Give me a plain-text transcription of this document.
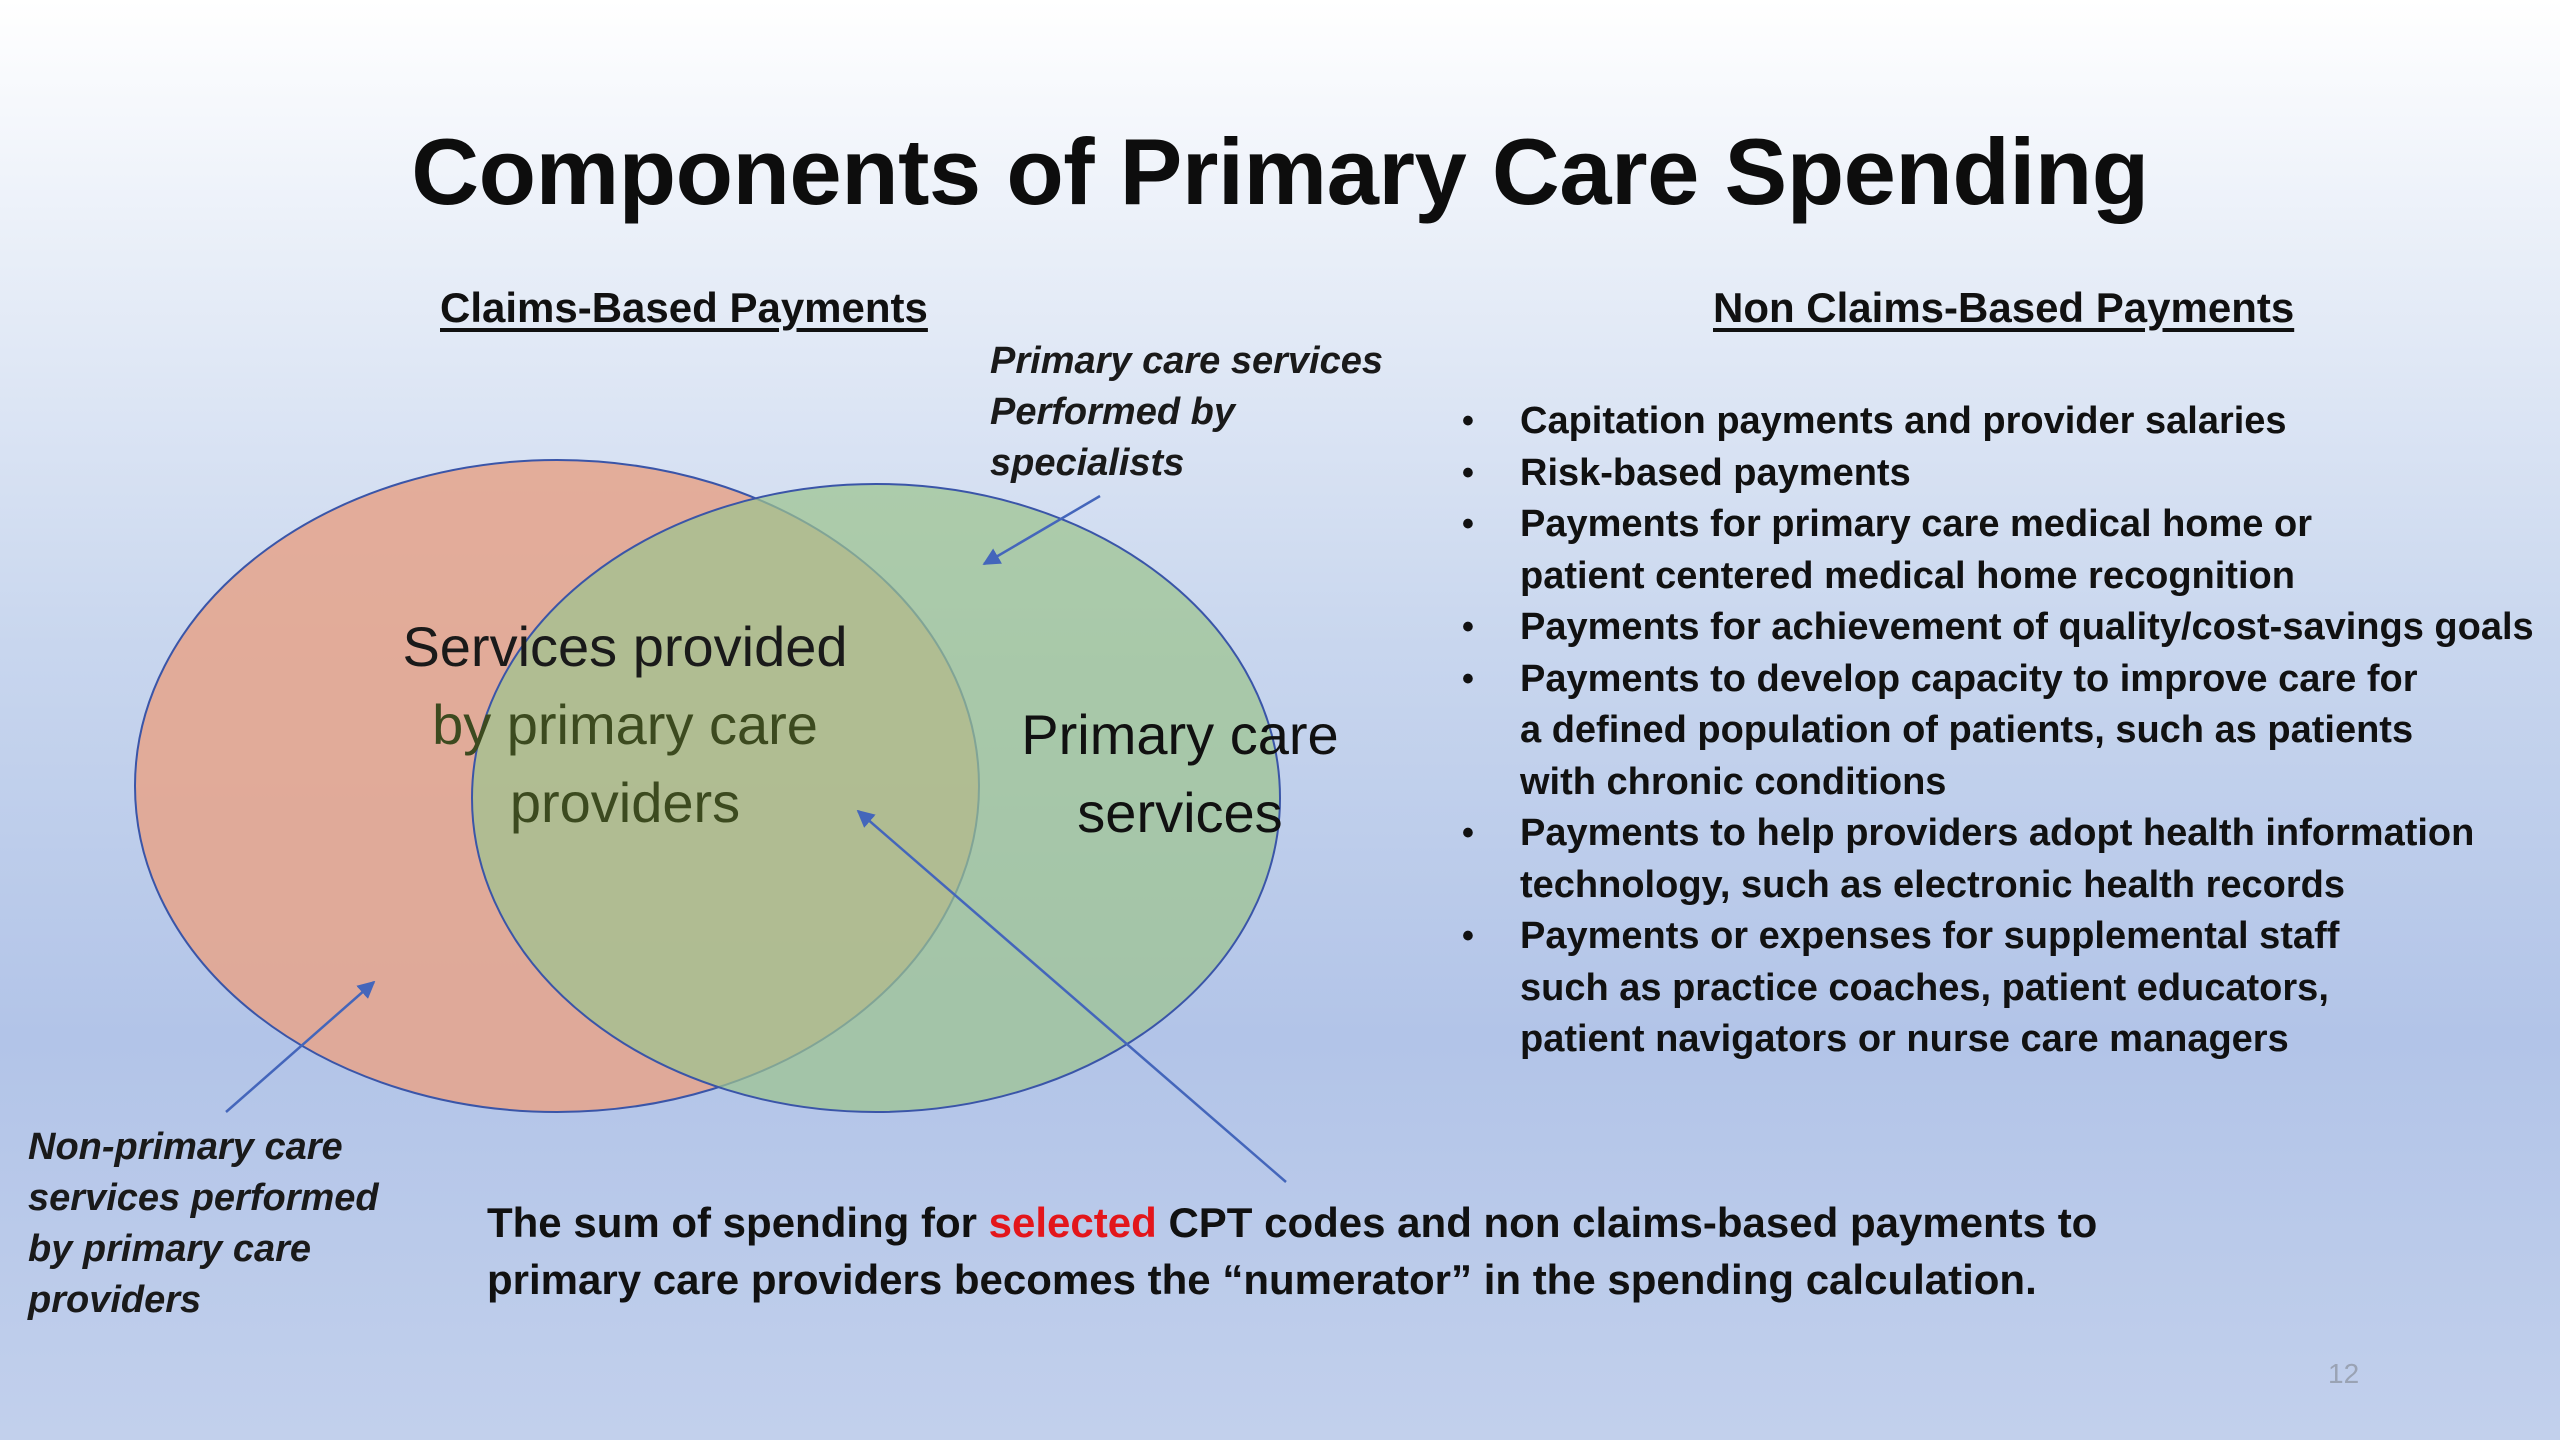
Components of Primary Care Spending
Claims-Based Payments	Non Claims-Based Payments
Services provided
by primary care
providers
Primary care
services
Primary care services
Performed by
specialists
Non-primary care
services performed
by primary care
providers
• Capitation payments and provider salaries
• Risk-based payments
• Payments for primary care medical home or
patient centered medical home recognition
• Payments for achievement of quality/cost-savings goals
• Payments to develop capacity to improve care for
a defined population of patients, such as patients
with chronic conditions
• Payments to help providers adopt health information
technology, such as electronic health records
• Payments or expenses for supplemental staff
such as practice coaches, patient educators,
patient navigators or nurse care managers
The sum of spending for selected CPT codes and non claims-based payments to
primary care providers becomes the “numerator” in the spending calculation.
12
